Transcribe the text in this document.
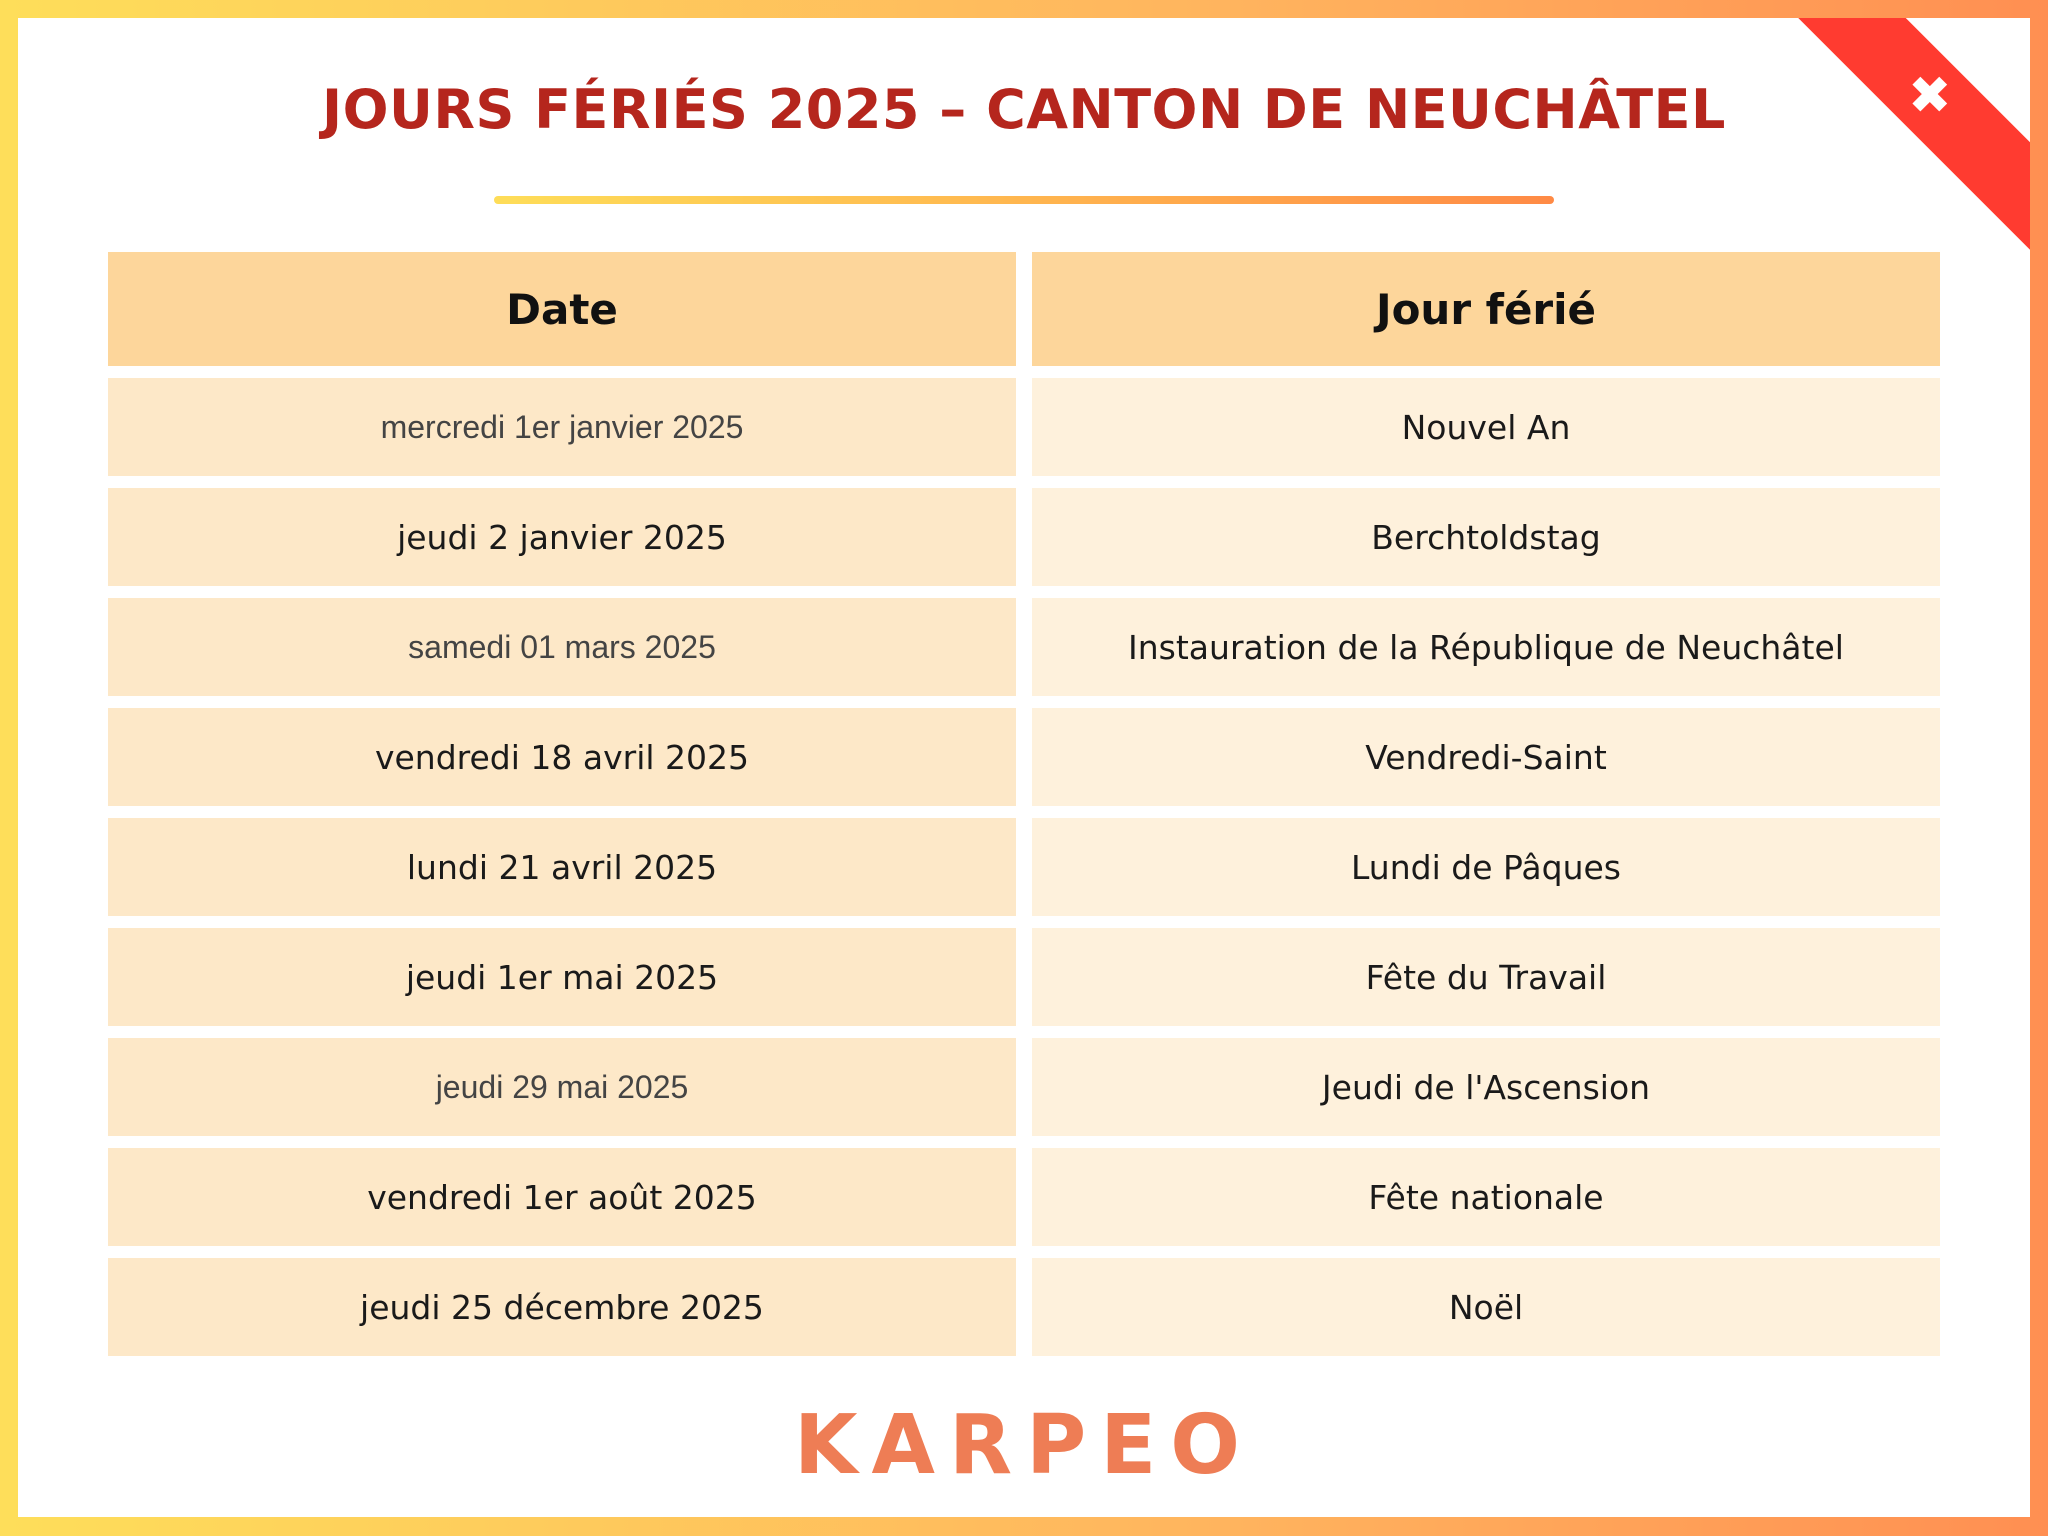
✖
JOURS FÉRIÉS 2025 – CANTON DE NEUCHÂTEL
Date	Jour férié
mercredi 1er janvier 2025	Nouvel An
jeudi 2 janvier 2025	Berchtoldstag
samedi 01 mars 2025	Instauration de la République de Neuchâtel
vendredi 18 avril 2025	Vendredi-Saint
lundi 21 avril 2025	Lundi de Pâques
jeudi 1er mai 2025	Fête du Travail
jeudi 29 mai 2025	Jeudi de l'Ascension
vendredi 1er août 2025	Fête nationale
jeudi 25 décembre 2025	Noël
KARPEO
